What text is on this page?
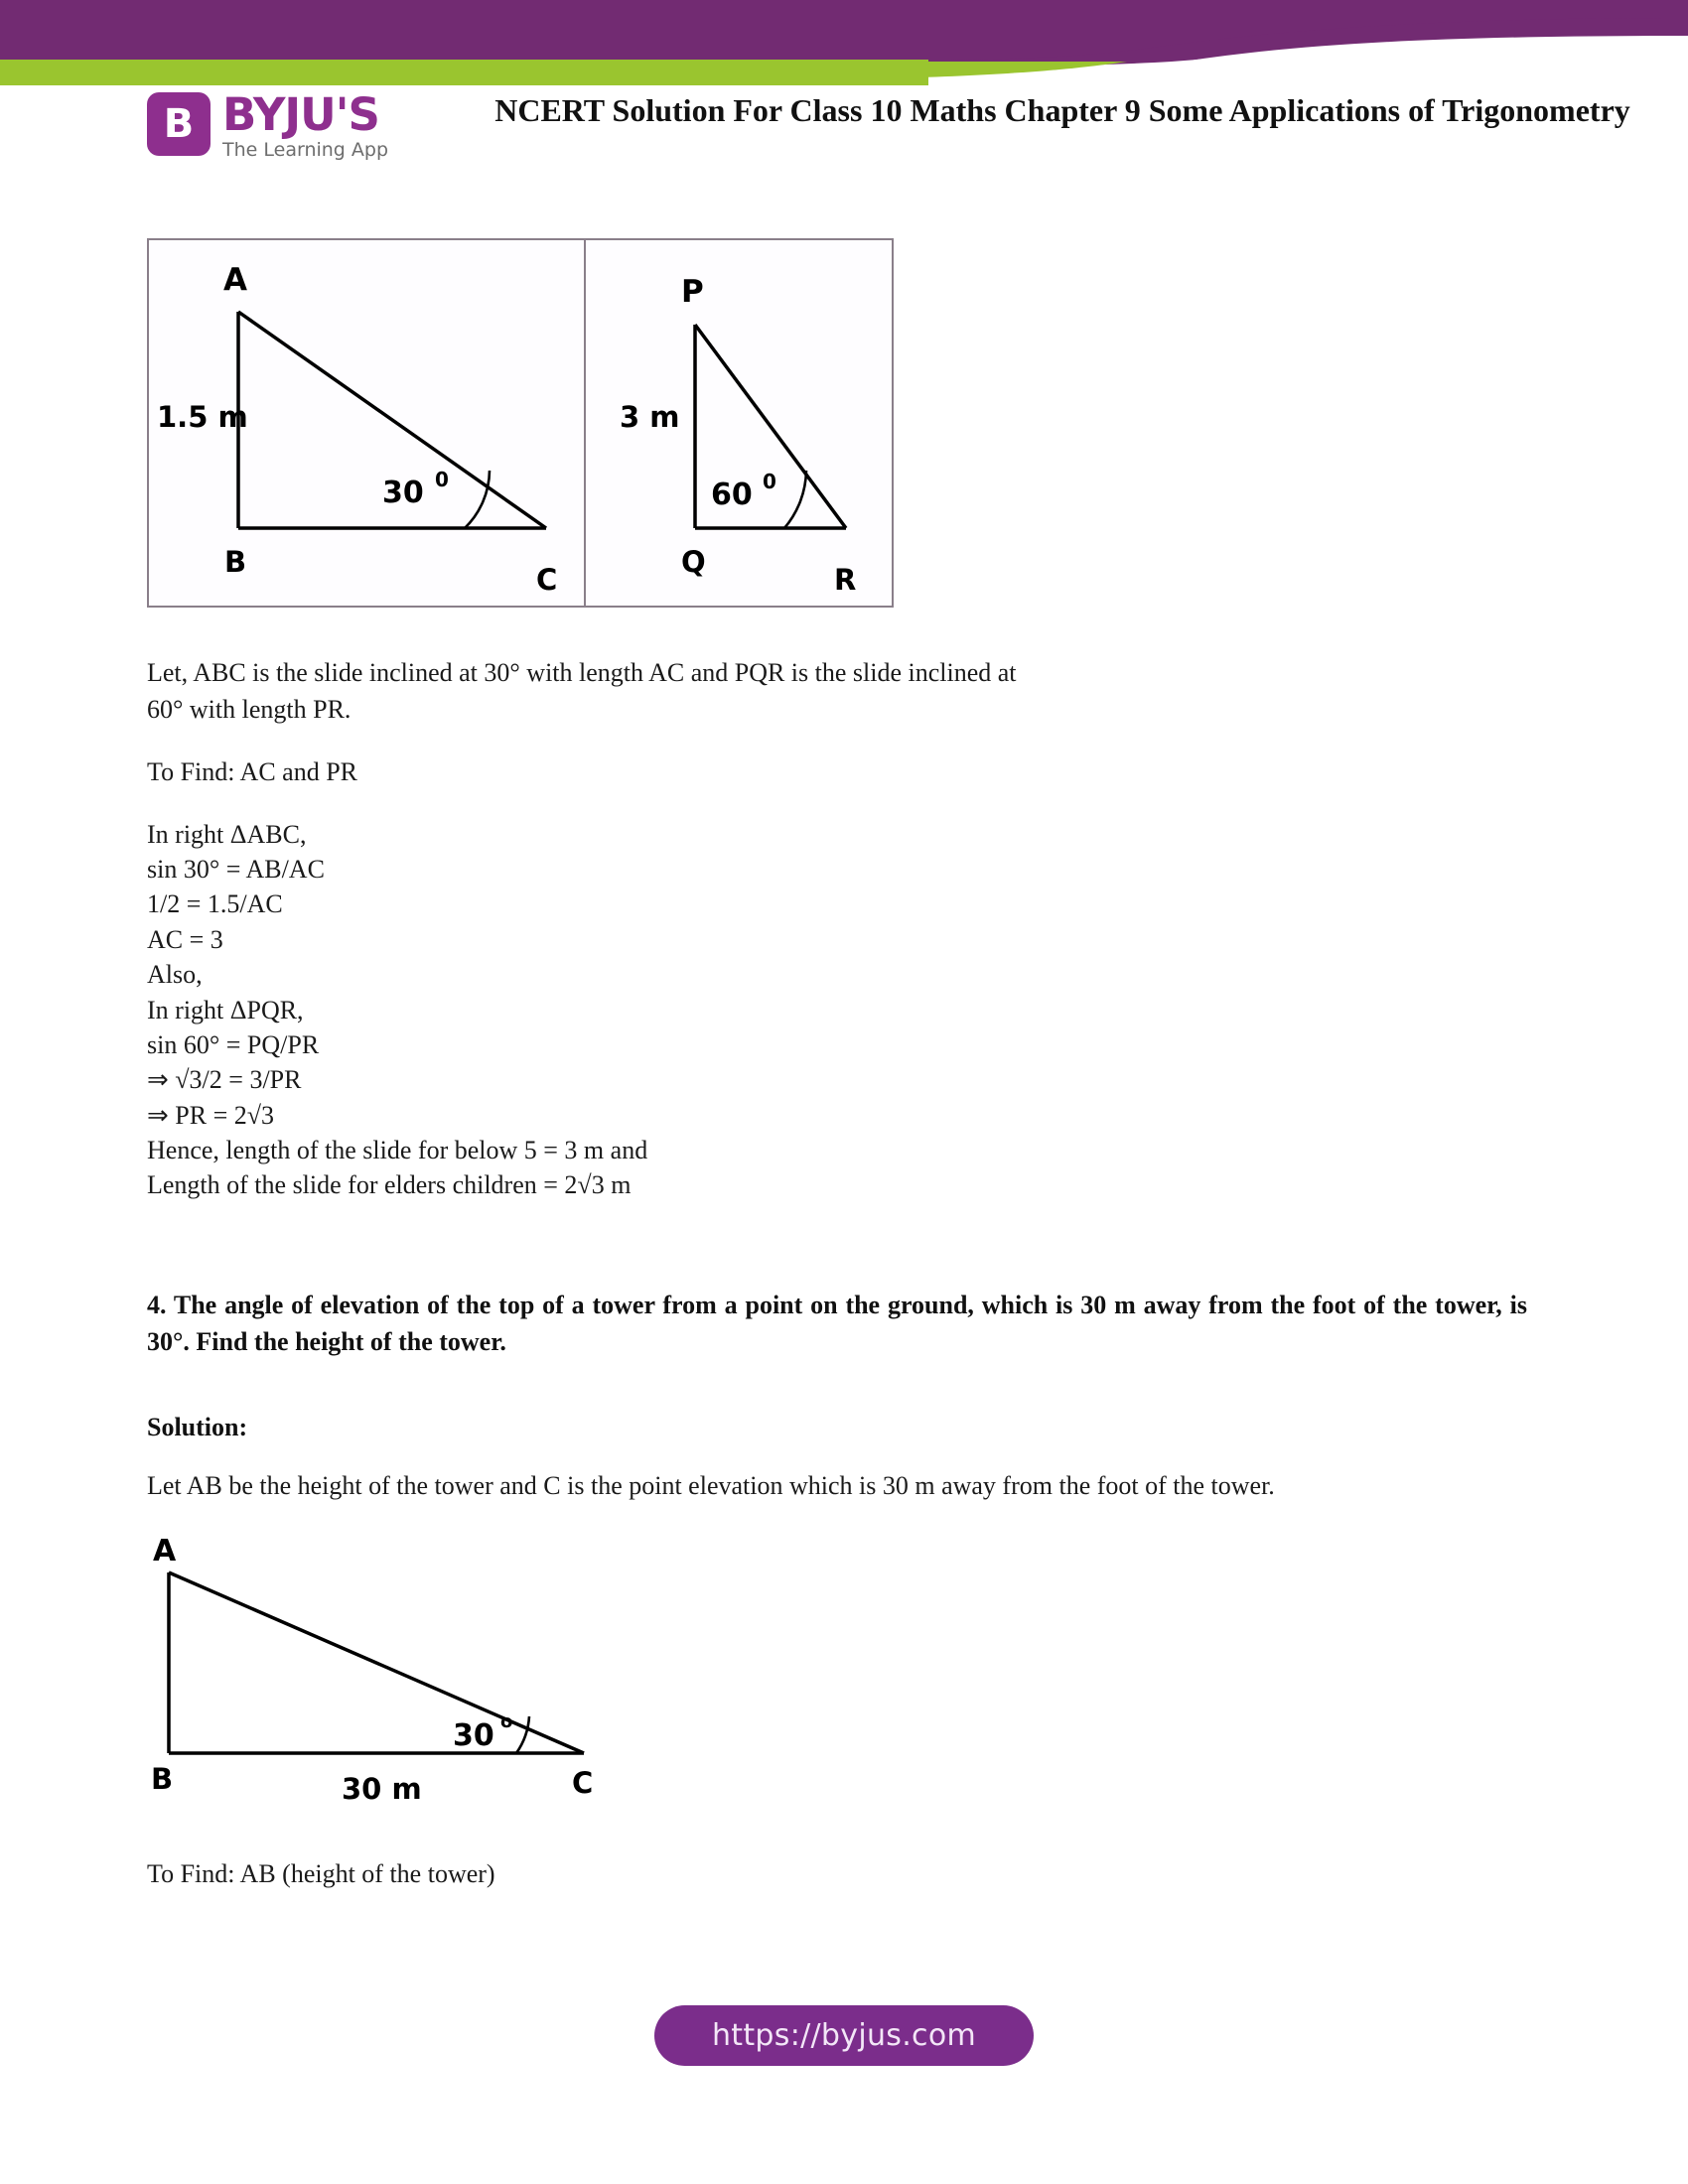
B BYJU'S
The Learning App
NCERT Solution For Class 10 Maths Chapter 9 Some Applications of Trigonometry
A
B
C
1.5 m
30 0
P
Q
R
3 m
60 0

Let, ABC is the slide inclined at 30° with length AC and PQR is the slide inclined at

60° with length PR.

To Find: AC and PR

In right ΔABC,

sin 30° = AB/AC

1/2 = 1.5/AC

AC = 3

Also,

In right ΔPQR,

sin 60° = PQ/PR

⇒ √3/2 = 3/PR

⇒ PR = 2√3

Hence, length of the slide for below 5 = 3 m and

Length of the slide for elders children = 2√3 m

4. The angle of elevation of the top of a tower from a point on the ground, which is 30 m away from the foot of the tower, is 30°. Find the height of the tower.

Solution:

Let AB be the height of the tower and C is the point elevation which is 30 m away from the foot of the tower.

A
B	C
30 m
30 o

To Find: AB (height of the tower)

https://byjus.com
